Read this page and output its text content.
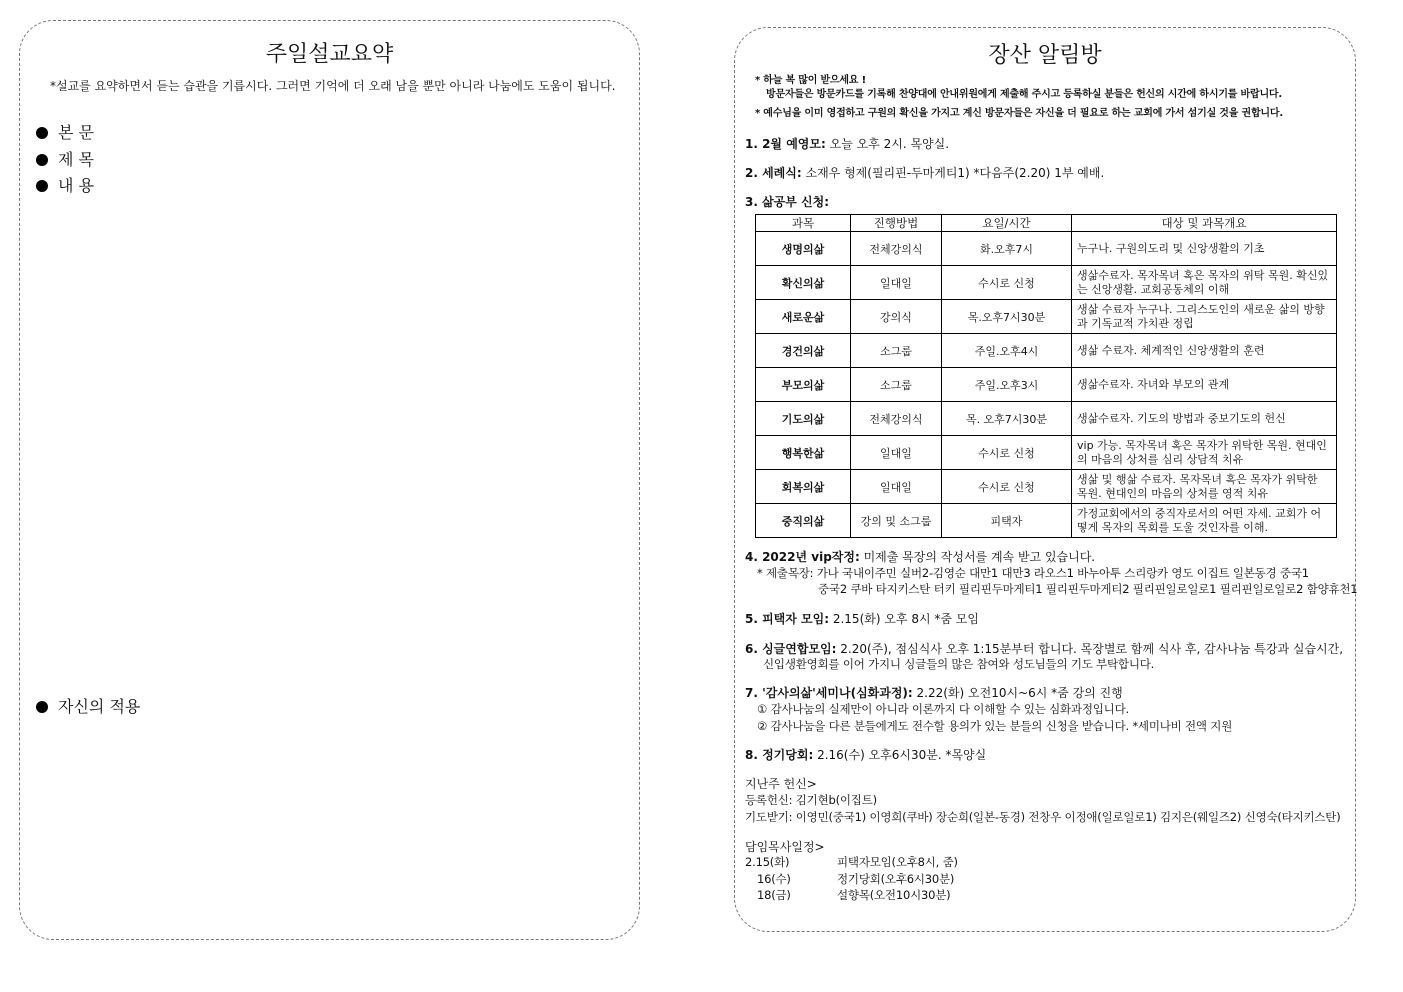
주일설교요약
*설교를 요약하면서 듣는 습관을 기릅시다. 그러면 기억에 더 오래 남을 뿐만 아니라 나눔에도 도움이 됩니다.
본 문
제 목
내 용
자신의 적용
장산 알림방
* 하늘 복 많이 받으세요 !
방문자들은 방문카드를 기록해 찬양대에 안내위원에게 제출해 주시고 등록하실 분들은 헌신의 시간에 하시기를 바랍니다.
* 예수님을 이미 영접하고 구원의 확신을 가지고 계신 방문자들은 자신을 더 필요로 하는 교회에 가서 섬기실 것을 권합니다.
1. 2월 예영모: 오늘 오후 2시. 목양실.
2. 세례식: 소재우 형제(필리핀-두마게티1) *다음주(2.20) 1부 예배.
3. 삶공부 신청:
과목	진행방법	요일/시간	대상 및 과목개요
생명의삶	전체강의식	화.오후7시	누구나. 구원의도리 및 신앙생활의 기초
확신의삶	일대일	수시로 신청	생삶수료자. 목자목녀 혹은 목자의 위탁 목원. 확신있는 신앙생활. 교회공동체의 이해
새로운삶	강의식	목.오후7시30분	생삶 수료자 누구나. 그리스도인의 새로운 삶의 방향과 기독교적 가치관 정립
경건의삶	소그룹	주일.오후4시	생삶 수료자. 체계적인 신앙생활의 훈련
부모의삶	소그룹	주일.오후3시	생삶수료자. 자녀와 부모의 관계
기도의삶	전체강의식	목. 오후7시30분	생삶수료자. 기도의 방법과 중보기도의 헌신
행복한삶	일대일	수시로 신청	vip 가능. 목자목녀 혹은 목자가 위탁한 목원. 현대인의 마음의 상처를 심리 상담적 치유
회복의삶	일대일	수시로 신청	생삶 및 행삶 수료자. 목자목녀 혹은 목자가 위탁한 목원. 현대인의 마음의 상처를 영적 치유
중직의삶	강의 및 소그룹	피택자	가정교회에서의 중직자로서의 어떤 자세. 교회가 어떻게 목자의 목회를 도울 것인자를 이해.
4. 2022년 vip작정: 미제출 목장의 작성서를 계속 받고 있습니다.
* 제출목장: 가나 국내이주민 실버2-김영순 대만1 대만3 라오스1 바누아투 스리랑카 영도 이집트 일본동경 중국1
중국2 쿠바 타지키스탄 터키 필리핀두마게티1 필리핀두마게티2 필리핀일로일로1 필리핀일로일로2 함양휴천1
5. 피택자 모임: 2.15(화) 오후 8시 *줌 모임
6. 싱글연합모임: 2.20(주), 점심식사 오후 1:15분부터 합니다. 목장별로 함께 식사 후, 감사나눔 특강과 실습시간,
신입생환영회를 이어 가지니 싱글들의 많은 참여와 성도님들의 기도 부탁합니다.
7. '감사의삶'세미나(심화과정): 2.22(화) 오전10시~6시 *줌 강의 진행
① 감사나눔의 실제만이 아니라 이론까지 다 이해할 수 있는 심화과정입니다.
② 감사나눔을 다른 분들에게도 전수할 용의가 있는 분들의 신청을 받습니다. *세미나비 전액 지원
8. 정기당회: 2.16(수) 오후6시30분. *목양실
지난주 헌신>
등록헌신: 김기현b(이집트)
기도받기: 이영민(중국1) 이영희(쿠바) 장순희(일본-동경) 전창우 이정애(일로일로1) 김지은(웨일즈2) 신영숙(타지키스탄)
담임목사일정>
2.15(화)	피택자모임(오후8시, 줌)
16(수)	정기당회(오후6시30분)
18(금)	설향목(오전10시30분)
